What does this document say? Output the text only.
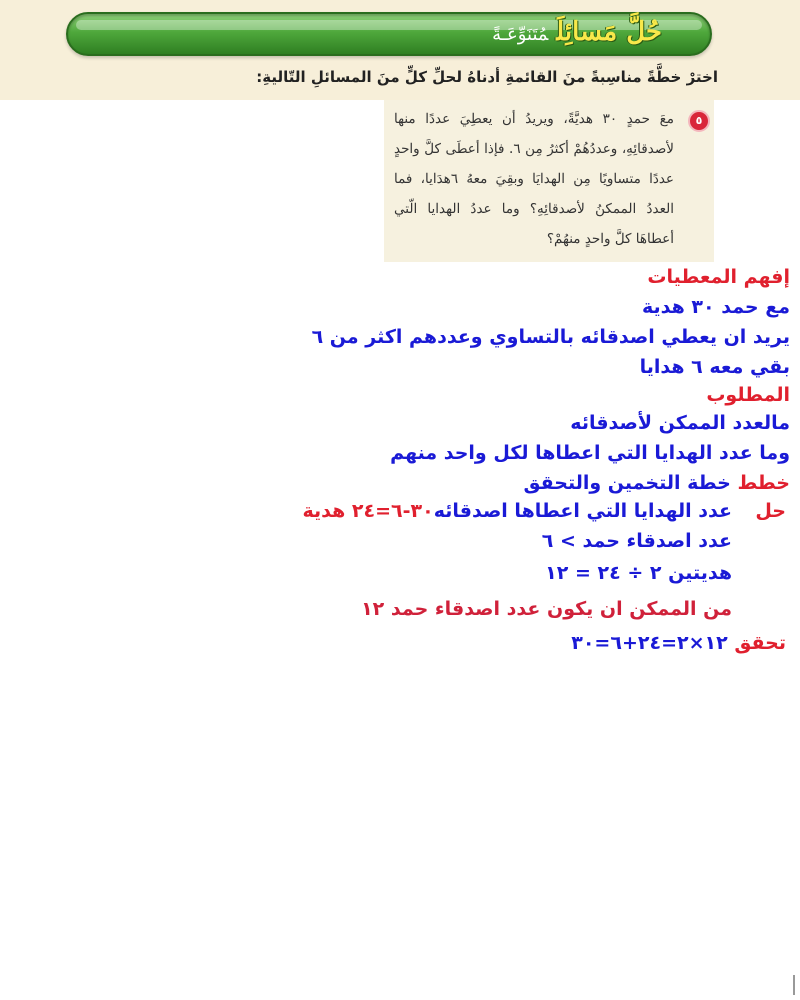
حُلَّ مَسائِلَمُتَنَوِّعَـةً
اخترْ خطَّةً مناسِبةً منَ القائمةِ أدناهُ لحلِّ كلٍّ منَ المسائلِ التّاليةِ:
٥
معَ حمدٍ ٣٠ هديَّةً، ويريدُ أن يعطِيَ عددًا منها لأصدقائِهِ، وعددُهُمْ أكثرُ مِن ٦. فإذا أعطَى كلَّ واحدٍ عددًا متساويًا مِن الهدايَا وبقِيَ معهُ ٦هدَايا، فما العددُ الممكنُ لأصدقائِهِ؟ وما عددُ الهدايا الّتي أعطاهَا كلَّ واحدٍ منهُمْ؟
إفهم المعطيات
مع حمد ٣٠ هدية
يريد ان يعطي اصدقائه بالتساوي وعددهم اكثر من ٦
بقي معه ٦ هدايا
المطلوب
مالعدد الممكن لأصدقائه
وما عدد الهدايا التي اعطاها لكل واحد منهم
خطط خطة التخمين والتحقق
حل
عدد الهدايا التي اعطاها اصدقائه٣٠-٦=٢٤ هدية
عدد اصدقاء حمد > ٦
هديتين ٢ ÷ ٢٤ = ١٢
من الممكن ان يكون عدد اصدقاء حمد ١٢
تحقق ١٢×٢=٢٤+٦=٣٠
